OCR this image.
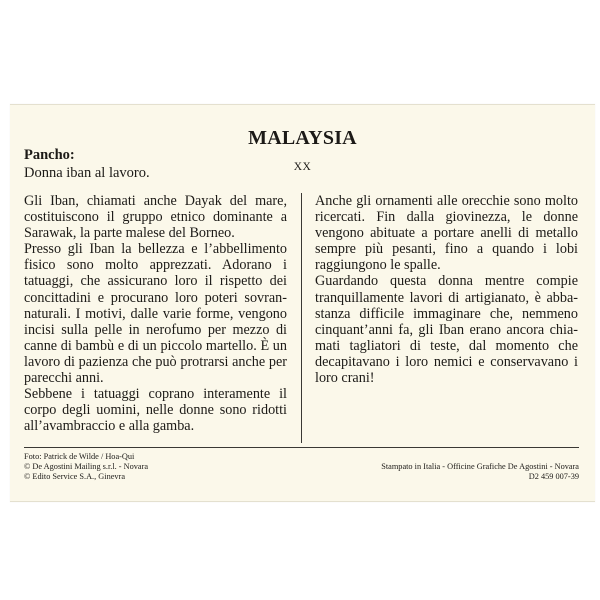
MALAYSIA
Pancho:
Donna iban al lavoro.	XX

Gli Iban, chiamati anche Dayak del mare, costituiscono il gruppo etnico dominante a Sarawak, la parte malese del Borneo.

Presso gli Iban la bellezza e l’abbellimento fisico sono molto apprezzati. Adorano i tatuaggi, che assicurano loro il rispetto dei concittadini e procurano loro poteri sovrannaturali. I motivi, dalle varie forme, vengono incisi sulla pelle in nerofumo per mezzo di canne di bambù e di un piccolo martello. È un lavoro di pazienza che può protrarsi anche per parecchi anni.

Sebbene i tatuaggi coprano interamente il corpo degli uomini, nelle donne sono ridotti all’avambraccio e alla gamba.

Anche gli ornamenti alle orecchie sono molto ricercati. Fin dalla giovinezza, le donne vengono abituate a portare anelli di metallo sempre più pesanti, fino a quando i lobi raggiungono le spalle.

Guardando questa donna mentre compie tranquillamente lavori di artigianato, è abbastanza difficile immaginare che, nemmeno cinquant’anni fa, gli Iban erano ancora chiamati tagliatori di teste, dal momento che decapitavano i loro nemici e conservavano i loro crani!

Foto: Patrick de Wilde / Hoa-Qui
© De Agostini Mailing s.r.l. - Novara
© Edito Service S.A., Ginevra
Stampato in Italia - Officine Grafiche De Agostini - Novara
D2 459 007-39
